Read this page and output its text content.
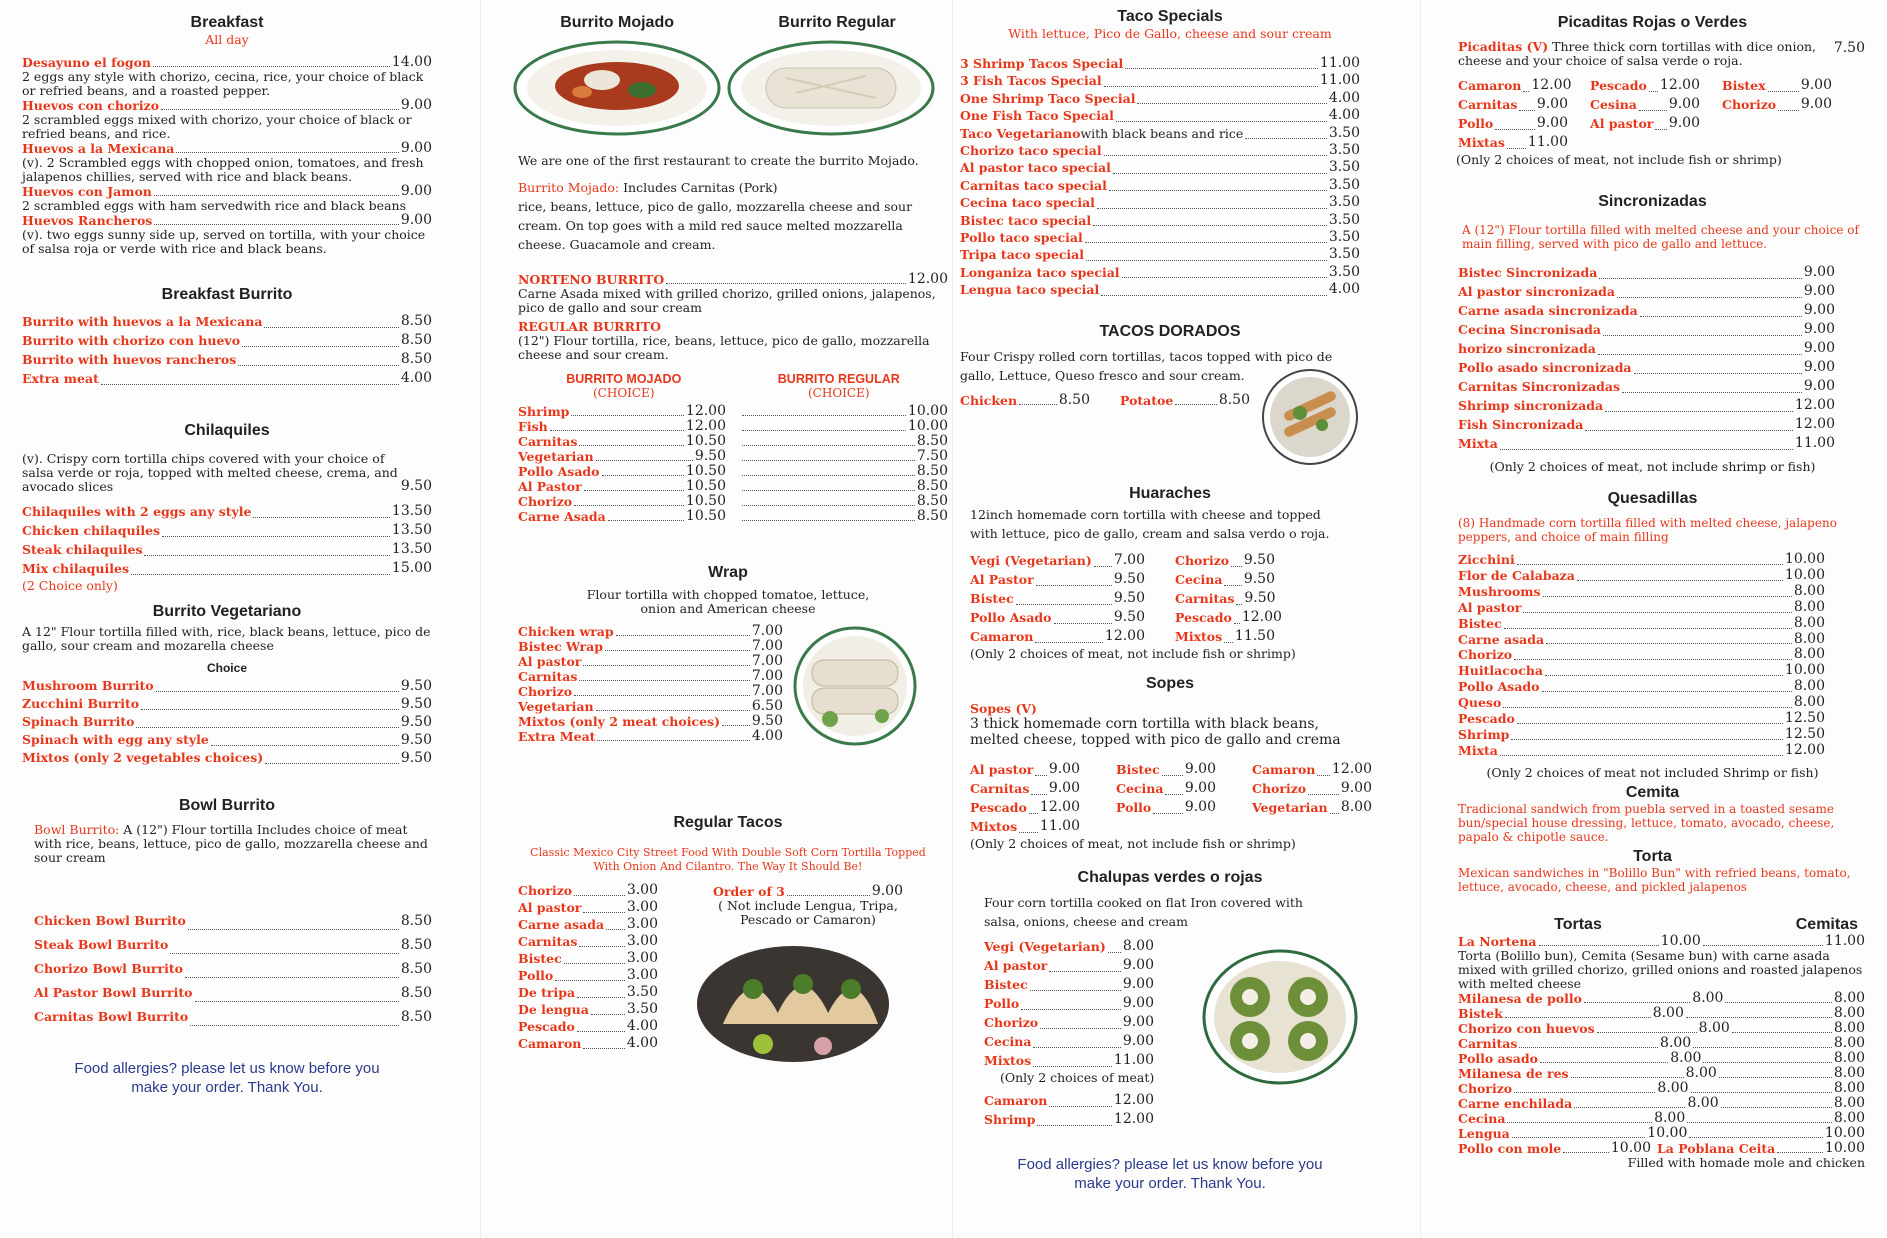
Breakfast
All day
Desayuno el fogon	14.00

2 eggs any style with chorizo, cecina, rice, your choice of black or refried beans, and a roasted pepper.

Huevos con chorizo	9.00

2 scrambled eggs mixed with chorizo, your choice of black or refried beans, and rice.

Huevos a la Mexicana	9.00

(v). 2 Scrambled eggs with chopped onion, tomatoes, and fresh jalapenos chillies, served with rice and black beans.

Huevos con Jamon	9.00

2 scrambled eggs with ham servedwith rice and black beans

Huevos Rancheros	9.00

(v). two eggs sunny side up, served on tortilla, with your choice of salsa roja or verde with rice and black beans.

Breakfast Burrito
Burrito with huevos a la Mexicana	8.50
Burrito with chorizo con huevo	8.50
Burrito with huevos rancheros	8.50
Extra meat	4.00
Chilaquiles

(v). Crispy corn tortilla chips covered with your choice of salsa verde or roja, topped with melted cheese, crema, and avocado slices	9.50
Chilaquiles with 2 eggs any style	13.50
Chicken chilaquiles	13.50
Steak chilaquiles	13.50
Mix chilaquiles	15.00

(2 Choice only)

Burrito Vegetariano

A 12" Flour tortilla filled with, rice, black beans, lettuce, pico de gallo, sour cream and mozarella cheese

Choice
Mushroom Burrito	9.50
Zucchini Burrito	9.50
Spinach Burrito	9.50
Spinach with egg any style	9.50
Mixtos (only 2 vegetables choices)	9.50
Bowl Burrito

Bowl Burrito: A (12") Flour tortilla Includes choice of meat with rice, beans, lettuce, pico de gallo, mozzarella cheese and sour cream

Chicken Bowl Burrito	8.50
Steak Bowl Burrito	8.50
Chorizo Bowl Burrito	8.50
Al Pastor Bowl Burrito	8.50
Carnitas Bowl Burrito	8.50
Food allergies? please let us know before you
make your order. Thank You.
Burrito Mojado	Burrito Regular

We are one of the first restaurant to create the burrito Mojado.

Burrito Mojado: Includes Carnitas (Pork)
rice, beans, lettuce, pico de gallo, mozzarella cheese and sour cream. On top goes with a mild red sauce melted mozzarella cheese. Guacamole and cream.

NORTENO BURRITO	12.00

Carne Asada mixed with grilled chorizo, grilled onions, jalapenos, pico de gallo and sour cream

REGULAR BURRITO

(12") Flour tortilla, rice, beans, lettuce, pico de gallo, mozzarella cheese and sour cream.

BURRITO MOJADO
(CHOICE)
BURRITO REGULAR
(CHOICE)
Shrimp	12.00	10.00
Fish	12.00	10.00
Carnitas	10.50	8.50
Vegetarian	9.50	7.50
Pollo Asado	10.50	8.50
Al Pastor	10.50	8.50
Chorizo	10.50	8.50
Carne Asada	10.50	8.50
Wrap

Flour tortilla with chopped tomatoe, lettuce, onion and American cheese

Chicken wrap	7.00
Bistec Wrap	7.00
Al pastor	7.00
Carnitas	7.00
Chorizo	7.00
Vegetarian	6.50
Mixtos (only 2 meat choices) 9.50
Extra Meat	4.00
Regular Tacos

Classic Mexico City Street Food With Double Soft Corn Tortilla Topped With Onion And Cilantro. The Way It Should Be!

Chorizo	3.00
Al pastor	3.00
Carne asada 3.00
Carnitas	3.00
Bistec	3.00
Pollo	3.00
De tripa	3.50
De lengua	3.50
Pescado	4.00
Camaron	4.00
Order of 3	9.00

( Not include Lengua, Tripa, Pescado or Camaron)

Taco Specials
With lettuce, Pico de Gallo, cheese and sour cream
3 Shrimp Tacos Special	11.00
3 Fish Tacos Special	11.00
One Shrimp Taco Special	4.00
One Fish Taco Special	4.00
Taco Vegetariano with black beans and rice	3.50
Chorizo taco special	3.50
Al pastor taco special	3.50
Carnitas taco special	3.50
Cecina taco special	3.50
Bistec taco special	3.50
Pollo taco special	3.50
Tripa taco special	3.50
Longaniza taco special	3.50
Lengua taco special	4.00
TACOS DORADOS

Four Crispy rolled corn tortillas, tacos topped with pico de gallo, Lettuce, Queso fresco and sour cream.

Chicken	8.50 Potatoe	8.50
Huaraches

12inch homemade corn tortilla with cheese and topped with lettuce, pico de gallo, cream and salsa verdo o roja.

Vegi (Vegetarian) 7.00 Chorizo 9.50
Al Pastor	9.50 Cecina 9.50
Bistec	9.50 Carnitas 9.50
Pollo Asado	9.50 Pescado 12.00
Camaron	12.00 Mixtos 11.50

(Only 2 choices of meat, not include fish or shrimp)

Sopes
Sopes (V)

3 thick homemade corn tortilla with black beans, melted cheese, topped with pico de gallo and crema

Al pastor 9.00	Bistec 9.00	Camaron 12.00
Carnitas 9.00	Cecina 9.00	Chorizo 9.00
Pescado 12.00	Pollo 9.00	Vegetarian 8.00
Mixtos 11.00

(Only 2 choices of meat, not include fish or shrimp)

Chalupas verdes o rojas

Four corn tortilla cooked on flat Iron covered with salsa, onions, cheese and cream

Vegi (Vegetarian) 8.00
Al pastor	9.00
Bistec	9.00
Pollo	9.00
Chorizo	9.00
Cecina	9.00
Mixtos	11.00

(Only 2 choices of meat)

Camaron	12.00
Shrimp	12.00
Food allergies? please let us know before you
make your order. Thank You.
Picaditas Rojas o Verdes

Picaditas (V) Three thick corn tortillas with dice onion, cheese and your choice of salsa verde o roja.

7.50
Camaron 12.00 Pescado 12.00 Bistex	9.00
Carnitas 9.00 Cesina 9.00 Chorizo 9.00
Pollo	9.00 Al pastor 9.00
Mixtas 11.00

(Only 2 choices of meat, not include fish or shrimp)

Sincronizadas

A (12") Flour tortilla filled with melted cheese and your choice of main filling, served with pico de gallo and lettuce.

Bistec Sincronizada	9.00
Al pastor sincronizada	9.00
Carne asada sincronizada	9.00
Cecina Sincronisada	9.00
horizo sincronizada	9.00
Pollo asado sincronizada	9.00
Carnitas Sincronizadas	9.00
Shrimp sincronizada	12.00
Fish Sincronizada	12.00
Mixta	11.00

(Only 2 choices of meat, not include shrimp or fish)

Quesadillas

(8) Handmade corn tortilla filled with melted cheese, jalapeno peppers, and choice of main filling

Zicchini	10.00
Flor de Calabaza	10.00
Mushrooms	8.00
Al pastor	8.00
Bistec	8.00
Carne asada	8.00
Chorizo	8.00
Huitlacocha	10.00
Pollo Asado	8.00
Queso	8.00
Pescado	12.50
Shrimp	12.50
Mixta	12.00

(Only 2 choices of meat not included Shrimp or fish)

Cemita

Tradicional sandwich from puebla served in a toasted sesame bun/special house dressing, lettuce, tomato, avocado, cheese, papalo & chipotle sauce.

Torta

Mexican sandwiches in "Bolillo Bun" with refried beans, tomato, lettuce, avocado, cheese, and pickled jalapenos

Tortas	Cemitas
La Nortena	10.00	11.00

Torta (Bolillo bun), Cemita (Sesame bun) with carne asada mixed with grilled chorizo, grilled onions and roasted jalapenos with melted cheese

Milanesa de pollo	8.00	8.00
Bistek	8.00	8.00
Chorizo con huevos	8.00	8.00
Carnitas	8.00	8.00
Pollo asado	8.00	8.00
Milanesa de res	8.00	8.00
Chorizo	8.00	8.00
Carne enchilada	8.00	8.00
Cecina	8.00	8.00
Lengua	10.00	10.00
Pollo con mole	10.00 La Poblana Ceita	10.00

Filled with homade mole and chicken
